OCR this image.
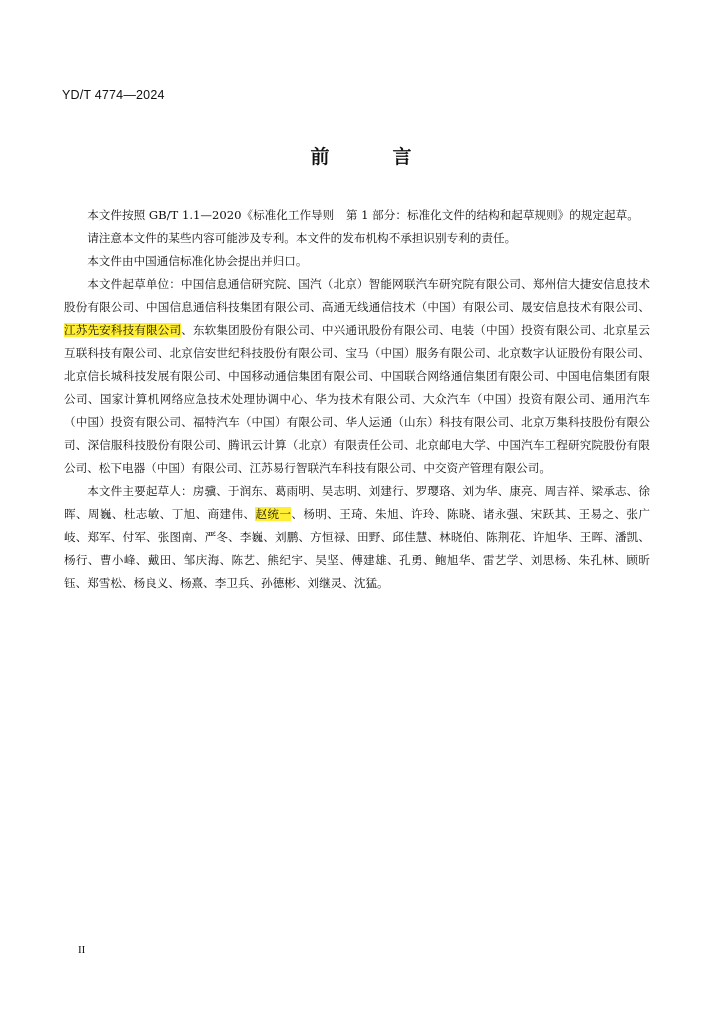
YD/T 4774—2024
前　言

本文件按照 GB/T 1.1—2020《标准化工作导则　第 1 部分：标准化文件的结构和起草规则》的规定起草。

请注意本文件的某些内容可能涉及专利。本文件的发布机构不承担识别专利的责任。

本文件由中国通信标准化协会提出并归口。

本文件起草单位：中国信息通信研究院、国汽（北京）智能网联汽车研究院有限公司、郑州信大捷安信息技术股份有限公司、中国信息通信科技集团有限公司、高通无线通信技术（中国）有限公司、晟安信息技术有限公司、江苏先安科技有限公司、东软集团股份有限公司、中兴通讯股份有限公司、电装（中国）投资有限公司、北京星云互联科技有限公司、北京信安世纪科技股份有限公司、宝马（中国）服务有限公司、北京数字认证股份有限公司、北京信长城科技发展有限公司、中国移动通信集团有限公司、中国联合网络通信集团有限公司、中国电信集团有限公司、国家计算机网络应急技术处理协调中心、华为技术有限公司、大众汽车（中国）投资有限公司、通用汽车（中国）投资有限公司、福特汽车（中国）有限公司、华人运通（山东）科技有限公司、北京万集科技股份有限公司、深信服科技股份有限公司、腾讯云计算（北京）有限责任公司、北京邮电大学、中国汽车工程研究院股份有限公司、松下电器（中国）有限公司、江苏易行智联汽车科技有限公司、中交资产管理有限公司。

本文件主要起草人：房骥、于润东、葛雨明、吴志明、刘建行、罗璎珞、刘为华、康亮、周吉祥、梁承志、徐晖、周巍、杜志敏、丁旭、商建伟、赵统一、杨明、王琦、朱旭、许玲、陈晓、诸永强、宋跃其、王易之、张广岐、郑军、付军、张图南、严冬、李巍、刘鹏、方恒禄、田野、邱佳慧、林晓伯、陈荆花、许旭华、王晖、潘凯、杨行、曹小峰、戴田、邹庆海、陈艺、熊纪宇、吴坚、傅建雄、孔勇、鲍旭华、雷艺学、刘思杨、朱孔林、顾昕钰、郑雪松、杨良义、杨熹、李卫兵、孙德彬、刘继灵、沈猛。

II
